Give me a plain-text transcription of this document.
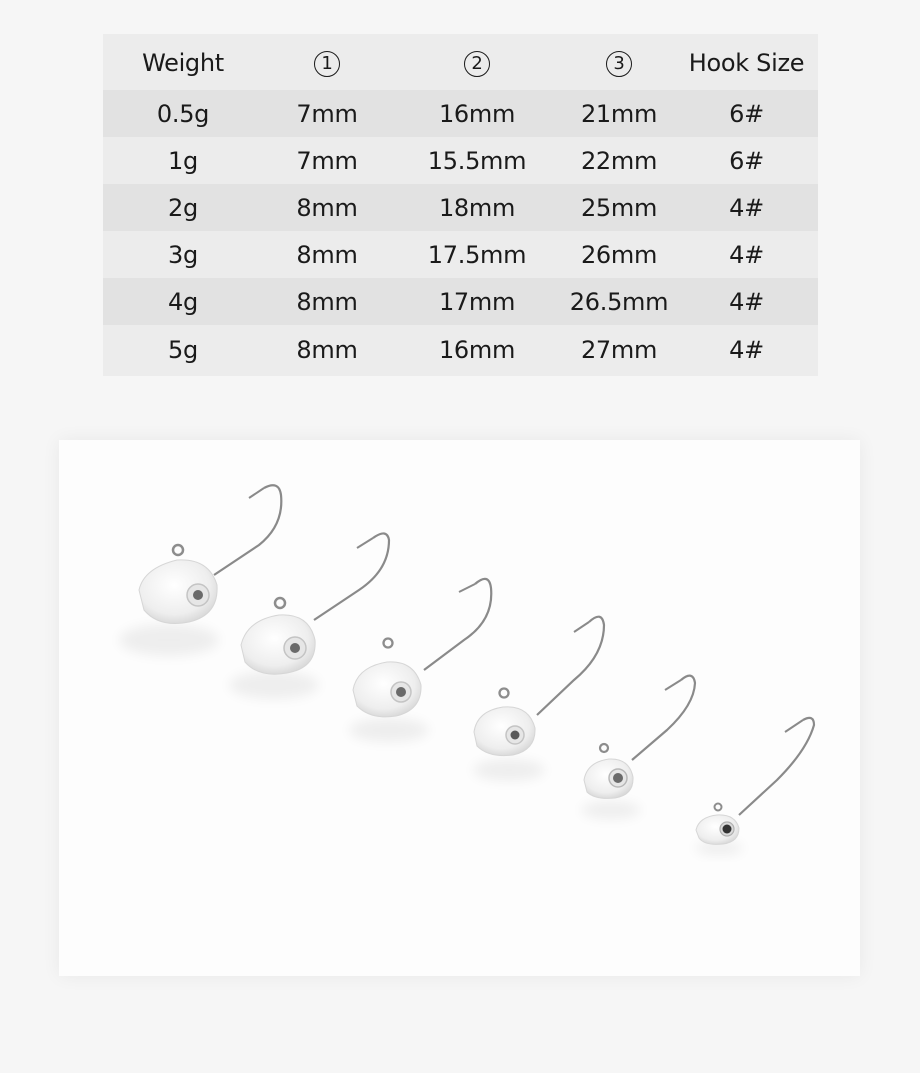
Weight	1	2	3	Hook Size
0.5g	7mm	16mm	21mm	6#
1g	7mm	15.5mm	22mm	6#
2g	8mm	18mm	25mm	4#
3g	8mm	17.5mm	26mm	4#
4g	8mm	17mm	26.5mm	4#
5g	8mm	16mm	27mm	4#
